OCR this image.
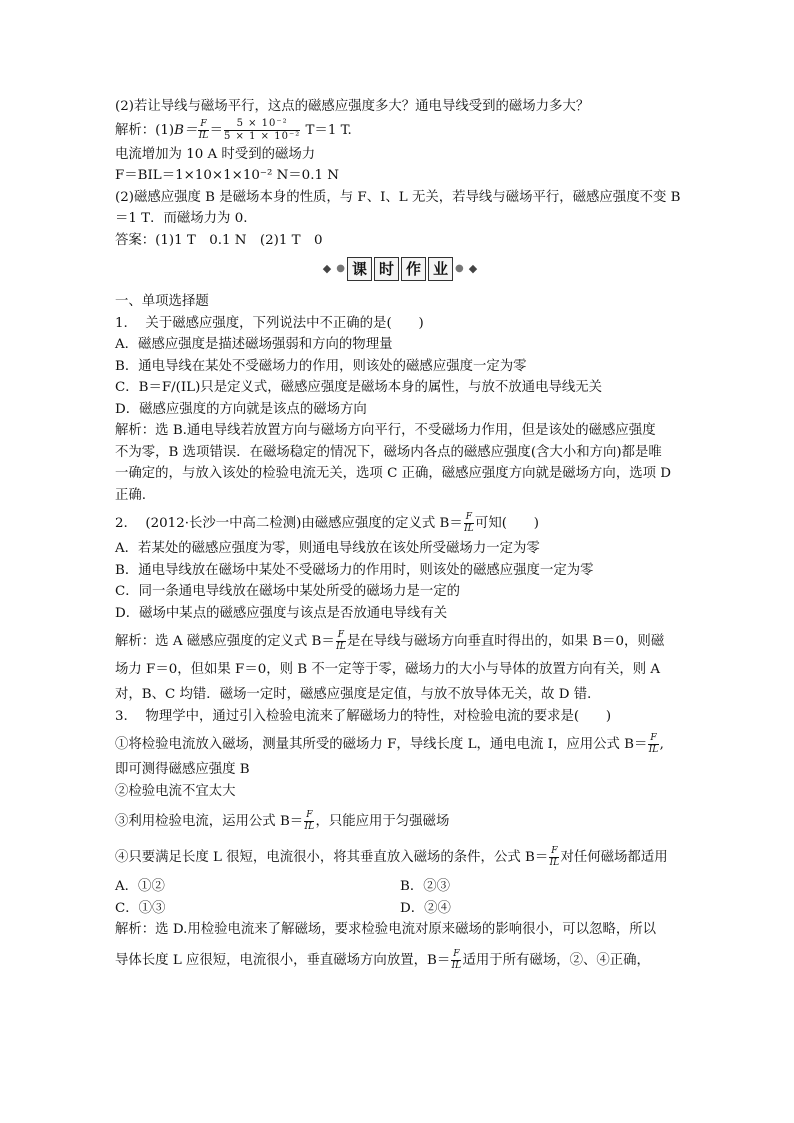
(2)若让导线与磁场平行，这点的磁感应强度多大？通电导线受到的磁场力多大？
解析：$(1)B= \frac{F}{IL} = \frac{\text{5 × 10⁻²}}{\text{5 × 1 × 10⁻²}} T=1$ T.
电流增加为 10 A 时受到的磁场力
F＝BIL＝1×10×1×10⁻² N＝0.1 N
(2)磁感应强度 B 是磁场本身的性质，与 F、I、L 无关，若导线与磁场平行，磁感应强度不变 B
＝1 T．而磁场力为 0.
答案：(1)1 T　0.1 N　(2)1 T　0
◆ ● 课 时 作 业 ● ◆
一、单项选择题
1.　 关于磁感应强度，下列说法中不正确的是(　　)
A．磁感应强度是描述磁场强弱和方向的物理量
B．通电导线在某处不受磁场力的作用，则该处的磁感应强度一定为零
C．B＝F/(IL)只是定义式，磁感应强度是磁场本身的属性，与放不放通电导线无关
D．磁感应强度的方向就是该点的磁场方向
解析：选 B.通电导线若放置方向与磁场方向平行，不受磁场力作用，但是该处的磁感应强度
不为零，B 选项错误．在磁场稳定的情况下，磁场内各点的磁感应强度(含大小和方向)都是唯
一确定的，与放入该处的检验电流无关，选项 C 正确，磁感应强度方向就是磁场方向，选项 D
正确.
2.　 (2012·长沙一中高二检测)由磁感应强度的定义式 $B= \frac{F}{IL}$ 可知(　　)
A．若某处的磁感应强度为零，则通电导线放在该处所受磁场力一定为零
B．通电导线放在磁场中某处不受磁场力的作用时，则该处的磁感应强度一定为零
C．同一条通电导线放在磁场中某处所受的磁场力是一定的
D．磁场中某点的磁感应强度与该点是否放通电导线有关
解析：选 A 磁感应强度的定义式 $B= \frac{F}{IL}$ 是在导线与磁场方向垂直时得出的，如果 B＝0，则磁
场力 F＝0，但如果 F＝0，则 B 不一定等于零，磁场力的大小与导体的放置方向有关，则 A
对，B、C 均错．磁场一定时，磁感应强度是定值，与放不放导体无关，故 D 错．
3.　 物理学中，通过引入检验电流来了解磁场力的特性，对检验电流的要求是(　　)
①将检验电流放入磁场，测量其所受的磁场力 F，导线长度 L，通电电流 I，应用公式 $B= \frac{F}{IL}$ ,
即可测得磁感应强度 B
②检验电流不宜太大
③利用检验电流，运用公式 $B= \frac{F}{IL}$ ，只能应用于匀强磁场
④只要满足长度 L 很短，电流很小，将其垂直放入磁场的条件，公式 $B= \frac{F}{IL}$ 对任何磁场都适用
A．①②	B．②③
C．①③	D．②④
解析：选 D.用检验电流来了解磁场，要求检验电流对原来磁场的影响很小，可以忽略，所以
导体长度 L 应很短，电流很小，垂直磁场方向放置，$B= \frac{F}{IL}$ 适用于所有磁场，②、④正确，
